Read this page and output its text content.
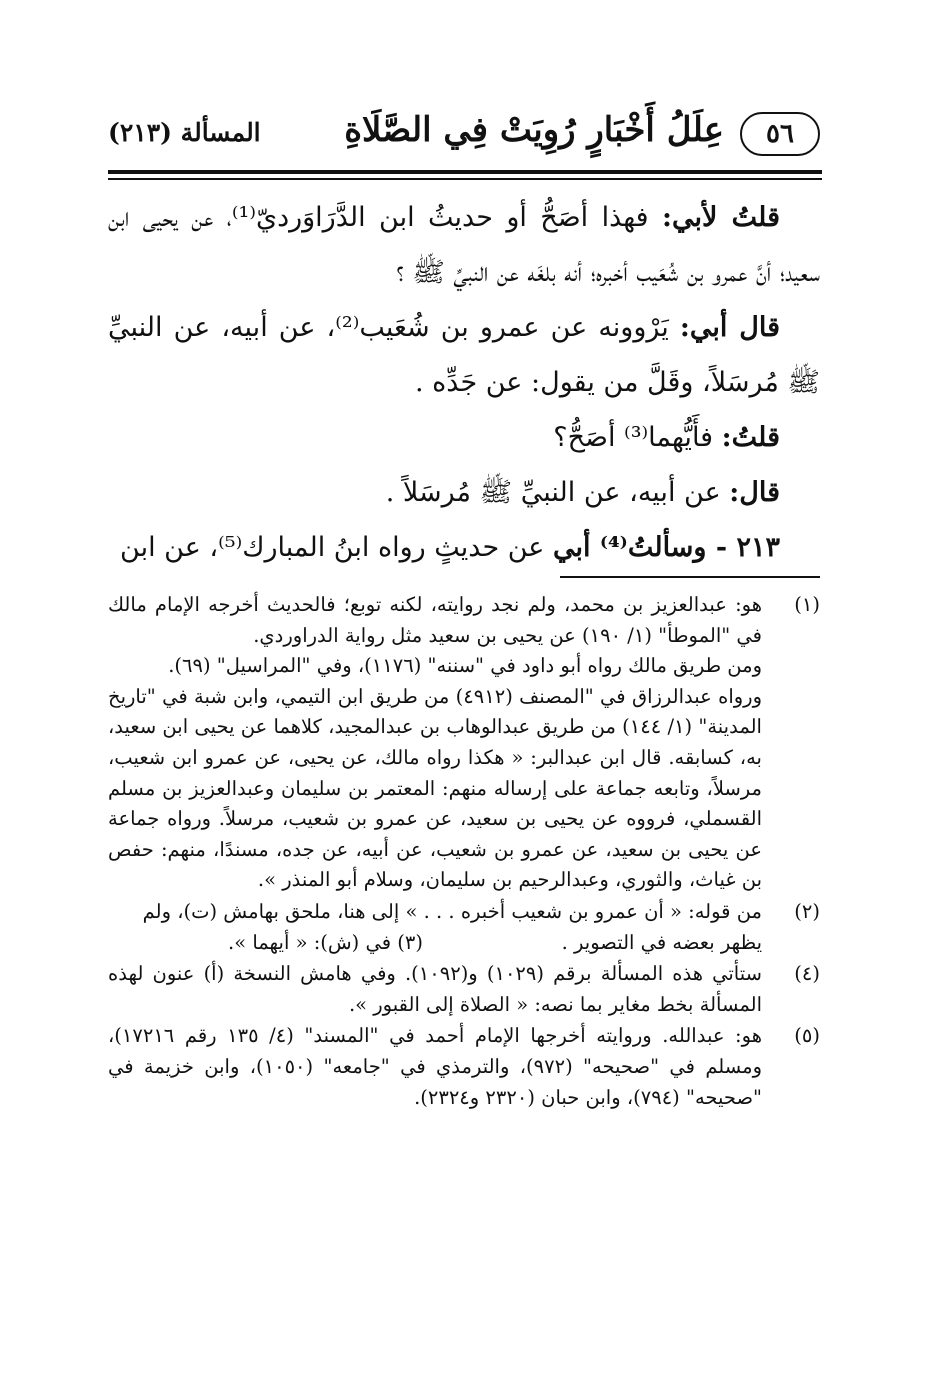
٥٦
عِلَلُ أَخْبَارٍ رُوِيَتْ فِي الصَّلَاةِ
المسألة (٢١٣)

قلتُ لأبي: فهذا أصَحُّ أو حديثُ ابن الدَّرَاوَرديّ⁽¹⁾، عن يحيى ابن سعيد؛ أنَّ عمرو بن شُعَيب أخبره؛ أنه بلغَه عن النبيِّ ﷺ ؟

قال أبي: يَرْوونه عن عمرو بن شُعَيب⁽²⁾، عن أبيه، عن النبيِّ ﷺ مُرسَلاً، وقَلَّ من يقول: عن جَدِّه .

قلتُ: فأَيُّهما⁽³⁾ أصَحُّ؟

قال: عن أبيه، عن النبيِّ ﷺ مُرسَلاً .

٢١٣ - وسألتُ⁽⁴⁾ أبي عن حديثٍ رواه ابنُ المبارك⁽⁵⁾، عن ابن

(١)

هو: عبدالعزيز بن محمد، ولم نجد روايته، لكنه توبع؛ فالحديث أخرجه الإمام مالك في "الموطأ" (١/ ١٩٠) عن يحيى بن سعيد مثل رواية الدراوردي.

ومن طريق مالك رواه أبو داود في "سننه" (١١٧٦)، وفي "المراسيل" (٦٩).

ورواه عبدالرزاق في "المصنف (٤٩١٢) من طريق ابن التيمي، وابن شبة في "تاريخ المدينة" (١/ ١٤٤) من طريق عبدالوهاب بن عبدالمجيد، كلاهما عن يحيى ابن سعيد، به، كسابقه. قال ابن عبدالبر: « هكذا رواه مالك، عن يحيى، عن عمرو ابن شعيب، مرسلاً، وتابعه جماعة على إرساله منهم: المعتمر بن سليمان وعبدالعزيز بن مسلم القسملي، فرووه عن يحيى بن سعيد، عن عمرو بن شعيب، مرسلاً. ورواه جماعة عن يحيى بن سعيد، عن عمرو بن شعيب، عن أبيه، عن جده، مسندًا، منهم: حفص بن غياث، والثوري، وعبدالرحيم بن سليمان، وسلام أبو المنذر ».

(٢)

من قوله: « أن عمرو بن شعيب أخبره . . . » إلى هنا، ملحق بهامش (ت)، ولم

يظهر بعضه في التصوير .
(٣) في (ش): « أيهما ».
(٤)

ستأتي هذه المسألة برقم (١٠٢٩) و(١٠٩٢). وفي هامش النسخة (أ) عنون لهذه المسألة بخط مغاير بما نصه: « الصلاة إلى القبور ».

(٥)

هو: عبدالله. وروايته أخرجها الإمام أحمد في "المسند" (٤/ ١٣٥ رقم ١٧٢١٦)، ومسلم في "صحيحه" (٩٧٢)، والترمذي في "جامعه" (١٠٥٠)، وابن خزيمة في "صحيحه" (٧٩٤)، وابن حبان (٢٣٢٠ و٢٣٢٤).
